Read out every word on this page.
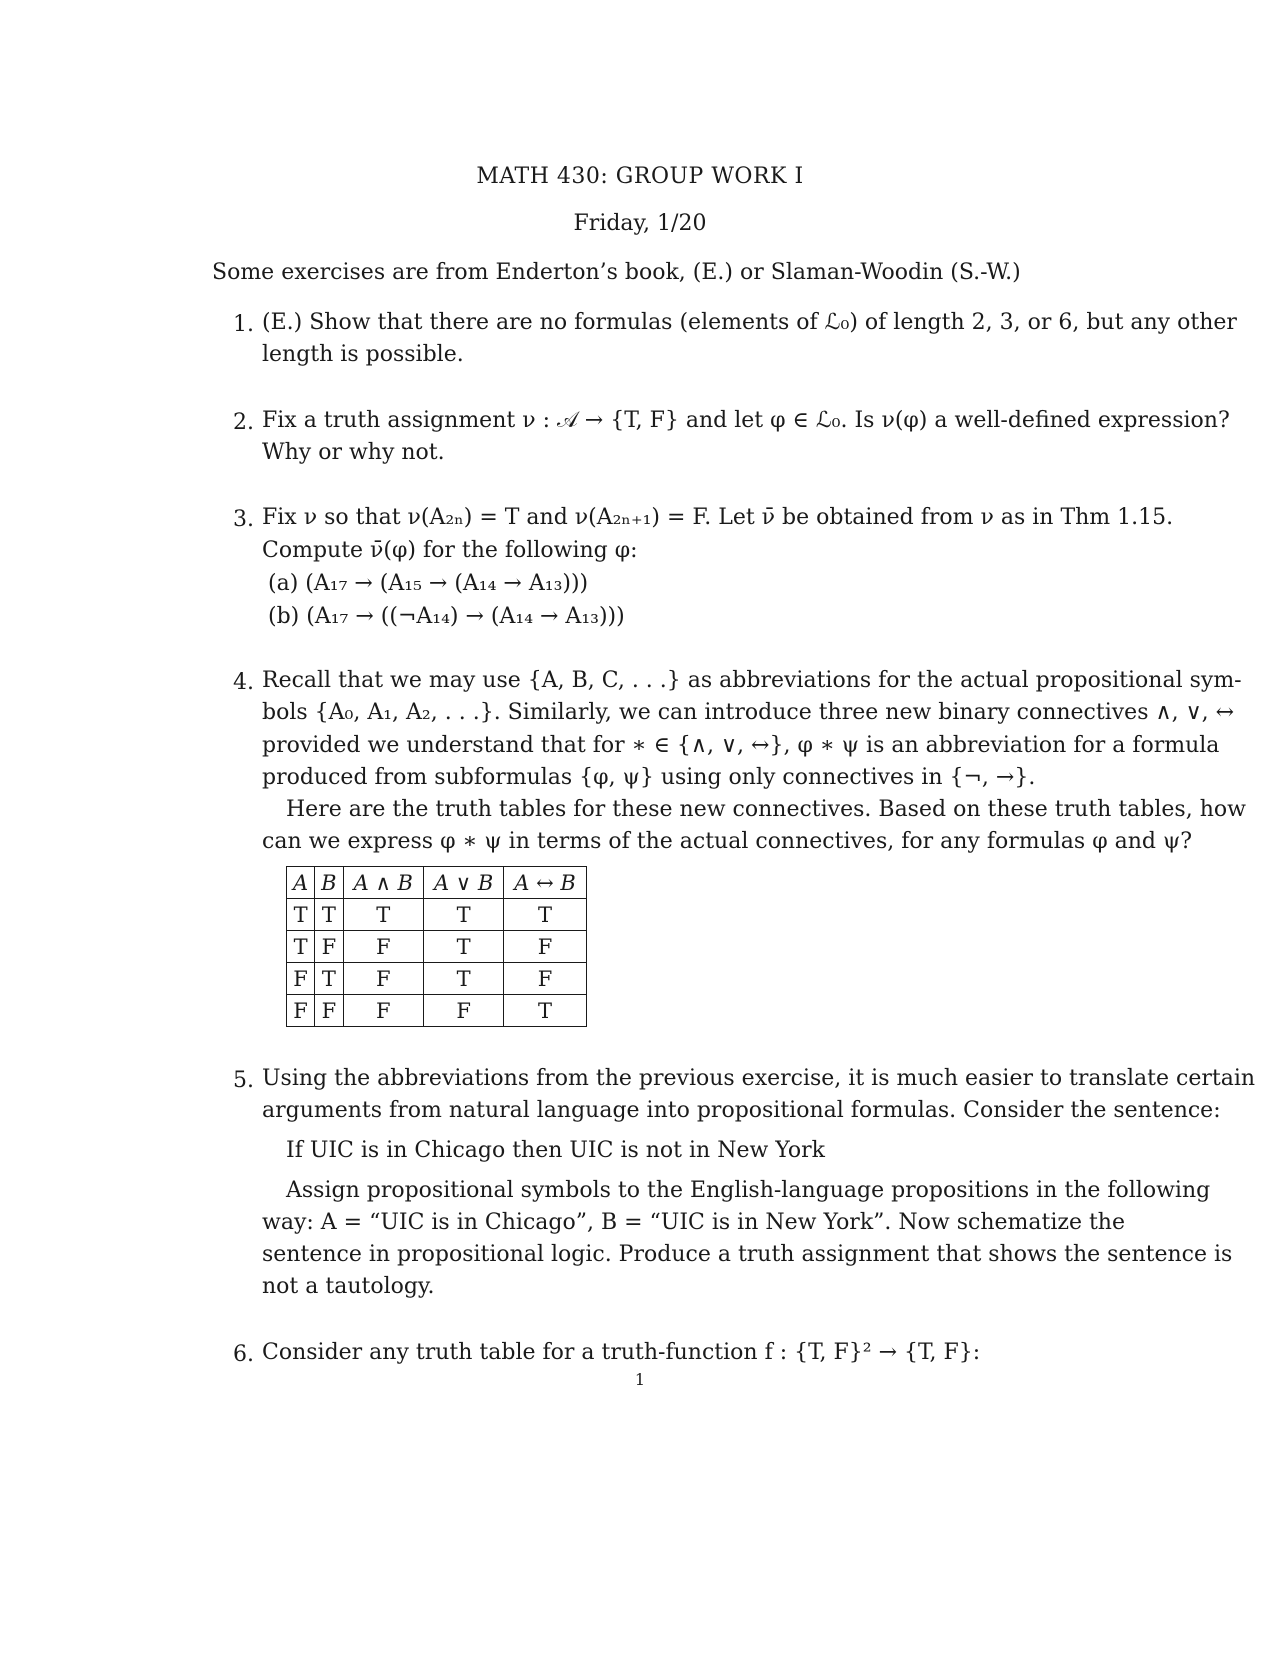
MATH 430: GROUP WORK I
Friday, 1/20
Some exercises are from Enderton’s book, (E.) or Slaman-Woodin (S.-W.)
1. (E.) Show that there are no formulas (elements of ℒ₀) of length 2, 3, or 6, but any other
length is possible.
2. Fix a truth assignment ν : 𝒜 → {T, F} and let φ ∈ ℒ₀. Is ν(φ) a well-defined expression?
Why or why not.
3. Fix ν so that ν(A₂ₙ) = T and ν(A₂ₙ₊₁) = F. Let ν̄ be obtained from ν as in Thm 1.15.
Compute ν̄(φ) for the following φ:
(a) (A₁₇ → (A₁₅ → (A₁₄ → A₁₃)))
(b) (A₁₇ → ((¬A₁₄) → (A₁₄ → A₁₃)))
4. Recall that we may use {A, B, C, . . .} as abbreviations for the actual propositional sym-
bols {A₀, A₁, A₂, . . .}. Similarly, we can introduce three new binary connectives ∧, ∨, ↔
provided we understand that for ∗ ∈ {∧, ∨, ↔}, φ ∗ ψ is an abbreviation for a formula
produced from subformulas {φ, ψ} using only connectives in {¬, →}.
Here are the truth tables for these new connectives. Based on these truth tables, how
can we express φ ∗ ψ in terms of the actual connectives, for any formulas φ and ψ?
A	B	A ∧ B	A ∨ B	A ↔ B
T	T	T	T	T
T	F	F	T	F
F	T	F	T	F
F	F	F	F	T
5. Using the abbreviations from the previous exercise, it is much easier to translate certain
arguments from natural language into propositional formulas. Consider the sentence:
If UIC is in Chicago then UIC is not in New York
Assign propositional symbols to the English-language propositions in the following
way: A = “UIC is in Chicago”, B = “UIC is in New York”. Now schematize the
sentence in propositional logic. Produce a truth assignment that shows the sentence is
not a tautology.
6. Consider any truth table for a truth-function f : {T, F}² → {T, F}:
1
